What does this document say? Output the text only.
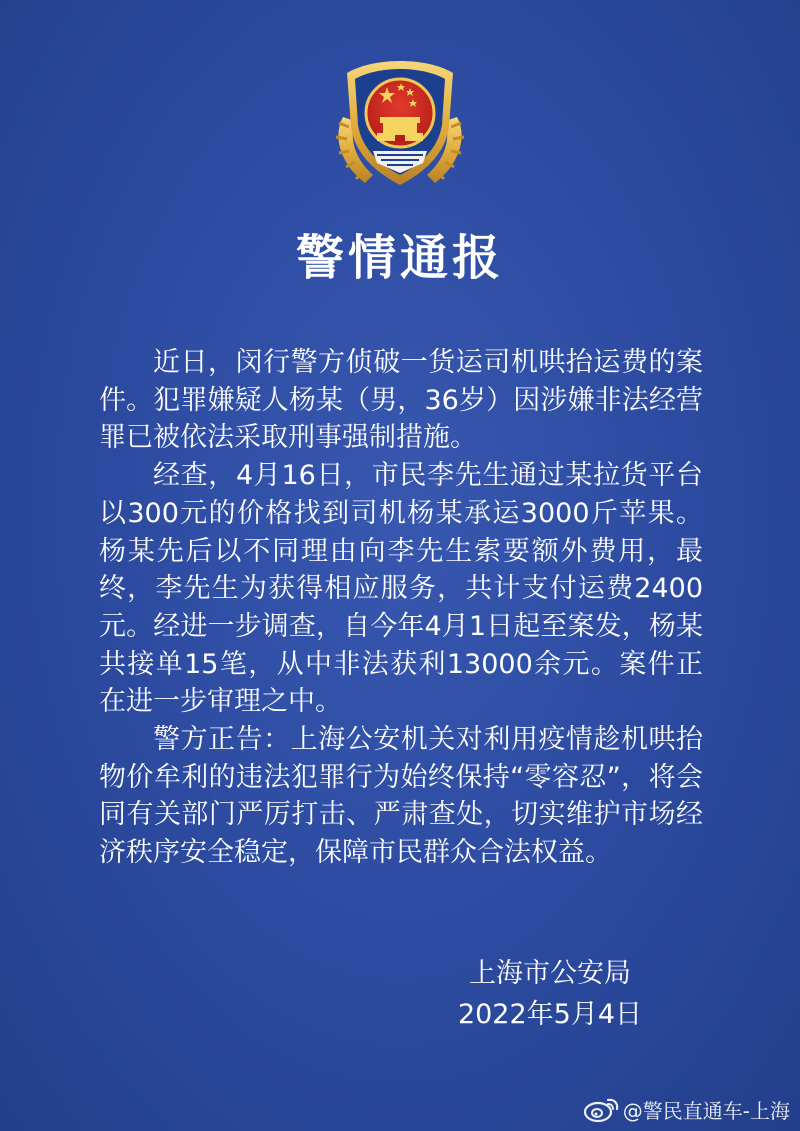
警情通报

近日，闵行警方侦破一货运司机哄抬运费的案件。犯罪嫌疑人杨某（男，36岁）因涉嫌非法经营罪已被依法采取刑事强制措施。

经查，4月16日，市民李先生通过某拉货平台以300元的价格找到司机杨某承运3000斤苹果。杨某先后以不同理由向李先生索要额外费用，最终，李先生为获得相应服务，共计支付运费2400元。经进一步调查，自今年4月1日起至案发，杨某共接单15笔，从中非法获利13000余元。案件正在进一步审理之中。

警方正告：上海公安机关对利用疫情趁机哄抬物价牟利的违法犯罪行为始终保持“零容忍”，将会同有关部门严厉打击、严肃查处，切实维护市场经济秩序安全稳定，保障市民群众合法权益。

上海市公安局
2022年5月4日
@警民直通车-上海
